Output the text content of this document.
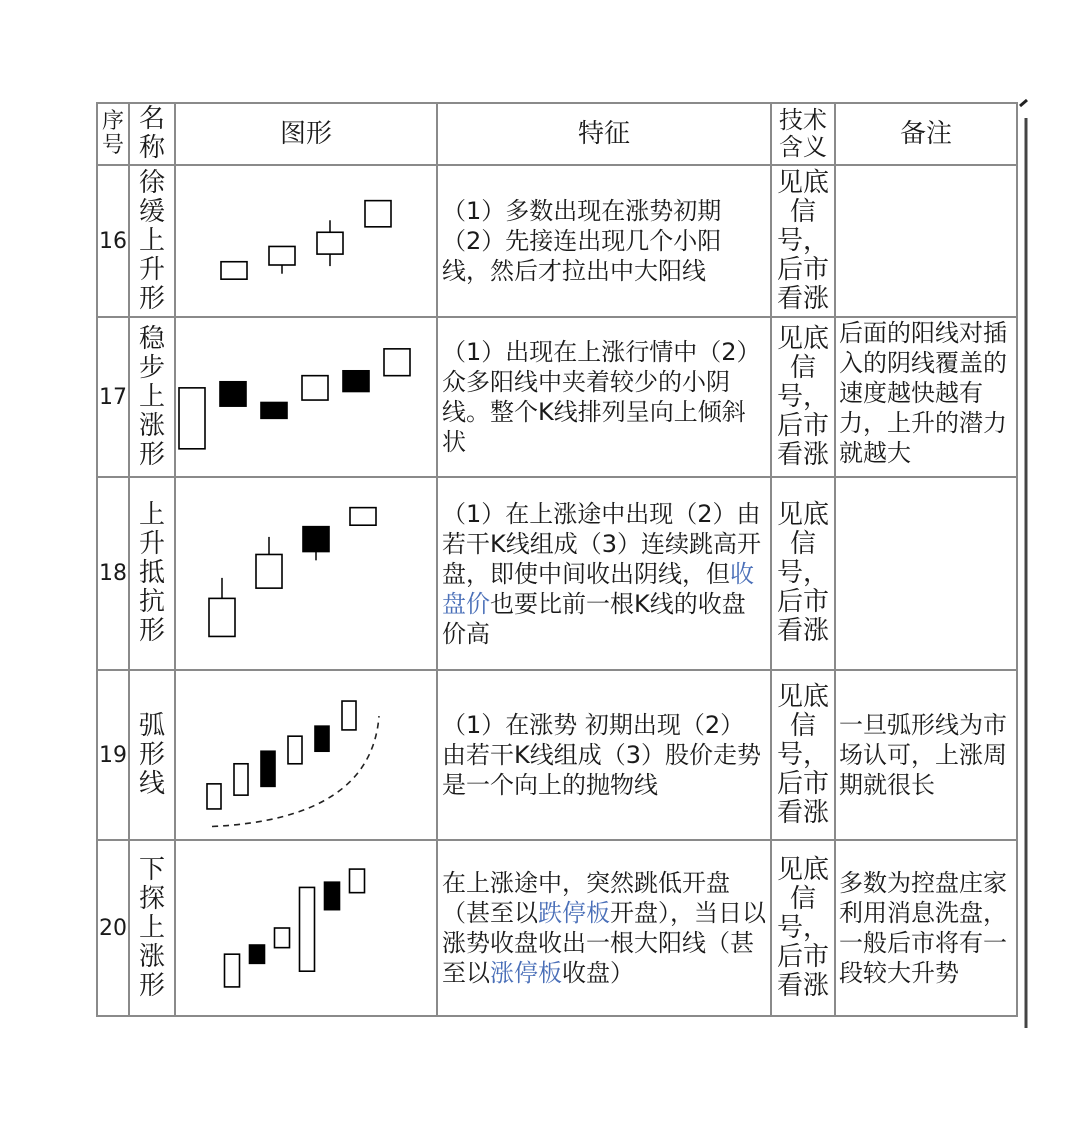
序号	名称	图形	特征	技术含义	备注
16	徐缓上升形		（1）多数出现在涨势初期（2）先接连出现几个小阳线，然后才拉出中大阳线	见底信号，后市看涨	
17	稳步上涨形		（1）出现在上涨行情中（2）众多阳线中夹着较少的小阴线。整个K线排列呈向上倾斜状	见底信号，后市看涨	后面的阳线对插入的阴线覆盖的速度越快越有力，上升的潜力就越大
18	上升抵抗形		（1）在上涨途中出现（2）由若干K线组成（3）连续跳高开盘，即使中间收出阴线，但收盘价也要比前一根K线的收盘价高	见底信号，后市看涨	
19	弧形线		（1）在涨势 初期出现（2）由若干K线组成（3）股价走势是一个向上的抛物线	见底信号，后市看涨	一旦弧形线为市场认可，上涨周期就很长
20	下探上涨形		在上涨途中，突然跳低开盘（甚至以跌停板开盘），当日以涨势收盘收出一根大阳线（甚至以涨停板收盘）	见底信号，后市看涨	多数为控盘庄家利用消息洗盘，一般后市将有一段较大升势
